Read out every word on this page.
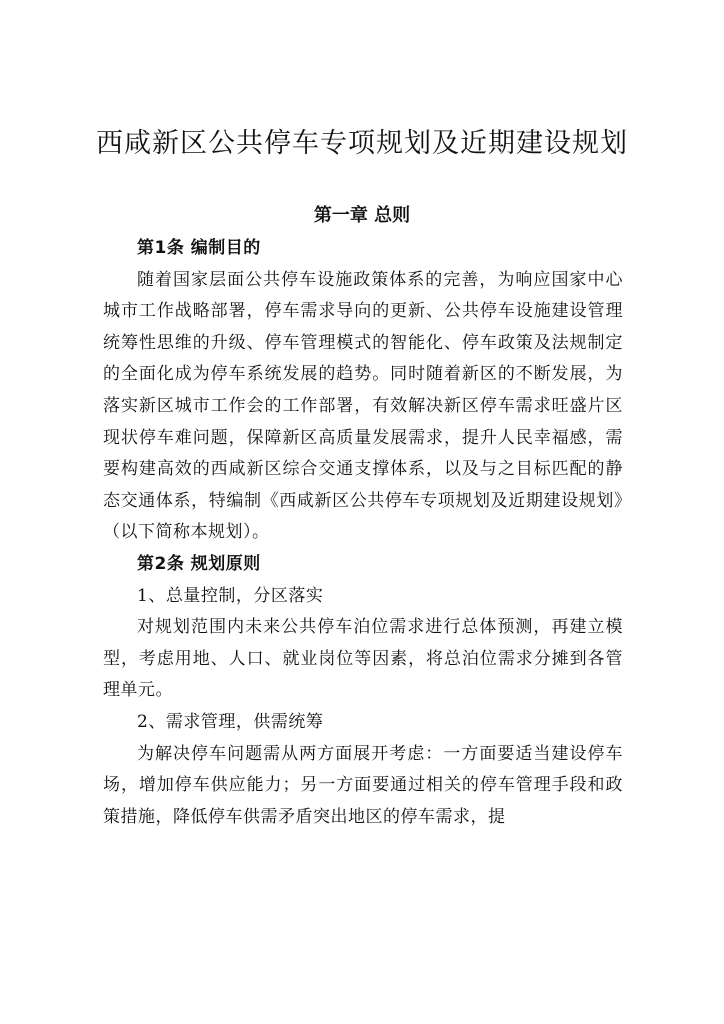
西咸新区公共停车专项规划及近期建设规划
第一章 总则

第1条 编制目的

随着国家层面公共停车设施政策体系的完善，为响应国家中心城市工作战略部署，停车需求导向的更新、公共停车设施建设管理统筹性思维的升级、停车管理模式的智能化、停车政策及法规制定的全面化成为停车系统发展的趋势。同时随着新区的不断发展，为落实新区城市工作会的工作部署，有效解决新区停车需求旺盛片区现状停车难问题，保障新区高质量发展需求，提升人民幸福感，需要构建高效的西咸新区综合交通支撑体系，以及与之目标匹配的静态交通体系，特编制《西咸新区公共停车专项规划及近期建设规划》（以下简称本规划）。

第2条 规划原则

1、总量控制，分区落实

对规划范围内未来公共停车泊位需求进行总体预测，再建立模型，考虑用地、人口、就业岗位等因素，将总泊位需求分摊到各管理单元。

2、需求管理，供需统筹

为解决停车问题需从两方面展开考虑：一方面要适当建设停车场，增加停车供应能力；另一方面要通过相关的停车管理手段和政策措施，降低停车供需矛盾突出地区的停车需求，提
